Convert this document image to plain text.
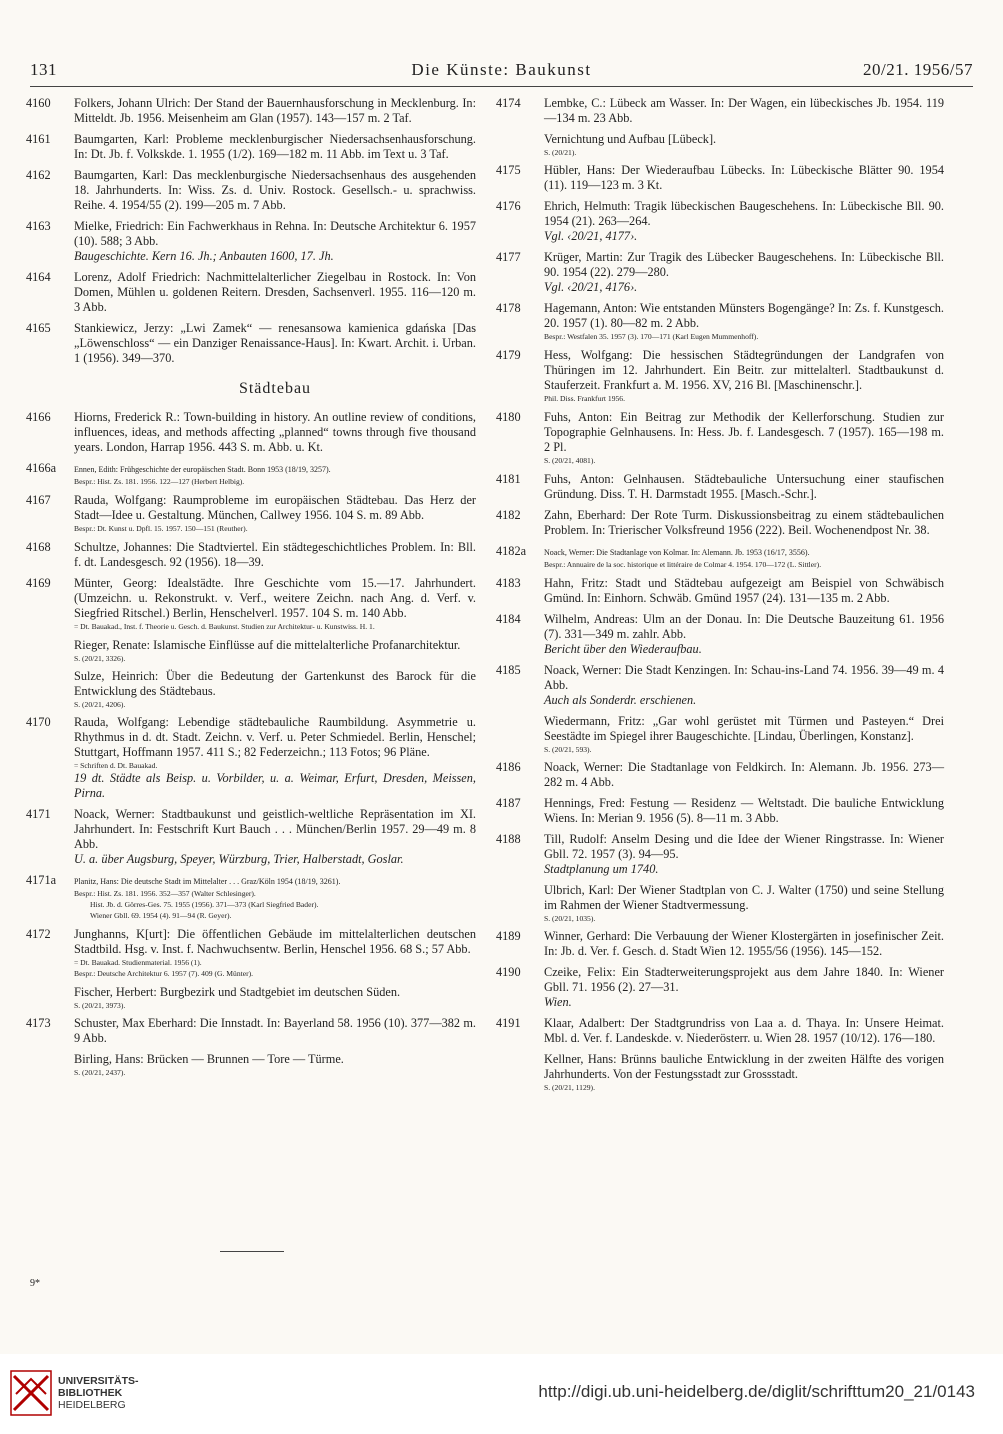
131	Die Künste: Baukunst	20/21. 1956/57
4160	Folkers, Johann Ulrich: Der Stand der Bauernhausforschung in Mecklenburg. In: Mitteldt. Jb. 1956. Meisenheim am Glan (1957). 143—157 m. 2 Taf.
4161	Baumgarten, Karl: Probleme mecklenburgischer Niedersachsenhausforschung. In: Dt. Jb. f. Volkskde. 1. 1955 (1/2). 169—182 m. 11 Abb. im Text u. 3 Taf.
4162	Baumgarten, Karl: Das mecklenburgische Niedersachsenhaus des ausgehenden 18. Jahrhunderts. In: Wiss. Zs. d. Univ. Rostock. Gesellsch.- u. sprachwiss. Reihe. 4. 1954/55 (2). 199—205 m. 7 Abb.
4163	Mielke, Friedrich: Ein Fachwerkhaus in Rehna. In: Deutsche Architektur 6. 1957 (10). 588; 3 Abb.
Baugeschichte. Kern 16. Jh.; Anbauten 1600, 17. Jh.
4164	Lorenz, Adolf Friedrich: Nachmittelalterlicher Ziegelbau in Rostock. In: Von Domen, Mühlen u. goldenen Reitern. Dresden, Sachsenverl. 1955. 116—120 m. 3 Abb.
4165	Stankiewicz, Jerzy: „Lwi Zamek“ — renesansowa kamienica gdańska [Das „Löwenschloss“ — ein Danziger Renaissance-Haus]. In: Kwart. Archit. i. Urban. 1 (1956). 349—370.
Städtebau
4166	Hiorns, Frederick R.: Town-building in history. An outline review of conditions, influences, ideas, and methods affecting „planned“ towns through five thousand years. London, Harrap 1956. 443 S. m. Abb. u. Kt.
4166a	Ennen, Edith: Frühgeschichte der europäischen Stadt. Bonn 1953 (18/19, 3257).
Bespr.: Hist. Zs. 181. 1956. 122—127 (Herbert Helbig).
4167	Rauda, Wolfgang: Raumprobleme im europäischen Städtebau. Das Herz der Stadt—Idee u. Gestaltung. München, Callwey 1956. 104 S. m. 89 Abb.
Bespr.: Dt. Kunst u. Dpfl. 15. 1957. 150—151 (Reuther).
4168	Schultze, Johannes: Die Stadtviertel. Ein städtegeschichtliches Problem. In: Bll. f. dt. Landesgesch. 92 (1956). 18—39.
4169	Münter, Georg: Idealstädte. Ihre Geschichte vom 15.—17. Jahrhundert. (Umzeichn. u. Rekonstrukt. v. Verf., weitere Zeichn. nach Ang. d. Verf. v. Siegfried Ritschel.) Berlin, Henschelverl. 1957. 104 S. m. 140 Abb.
= Dt. Bauakad., Inst. f. Theorie u. Gesch. d. Baukunst. Studien zur Architektur- u. Kunstwiss. H. 1.
Rieger, Renate: Islamische Einflüsse auf die mittelalterliche Profanarchitektur.
S. (20/21, 3326).
Sulze, Heinrich: Über die Bedeutung der Gartenkunst des Barock für die Entwicklung des Städtebaus.
S. (20/21, 4206).
4170	Rauda, Wolfgang: Lebendige städtebauliche Raumbildung. Asymmetrie u. Rhythmus in d. dt. Stadt. Zeichn. v. Verf. u. Peter Schmiedel. Berlin, Henschel; Stuttgart, Hoffmann 1957. 411 S.; 82 Federzeichn.; 113 Fotos; 96 Pläne.
= Schriften d. Dt. Bauakad.
19 dt. Städte als Beisp. u. Vorbilder, u. a. Weimar, Erfurt, Dresden, Meissen, Pirna.
4171	Noack, Werner: Stadtbaukunst und geistlich-weltliche Repräsentation im XI. Jahrhundert. In: Festschrift Kurt Bauch . . . München/Berlin 1957. 29—49 m. 8 Abb.
U. a. über Augsburg, Speyer, Würzburg, Trier, Halberstadt, Goslar.
4171a	Planitz, Hans: Die deutsche Stadt im Mittelalter . . . Graz/Köln 1954 (18/19, 3261).
Bespr.: Hist. Zs. 181. 1956. 352—357 (Walter Schlesinger).
Hist. Jb. d. Görres-Ges. 75. 1955 (1956). 371—373 (Karl Siegfried Bader).
Wiener Gbll. 69. 1954 (4). 91—94 (R. Geyer).
4172	Junghanns, K[urt]: Die öffentlichen Gebäude im mittelalterlichen deutschen Stadtbild. Hsg. v. Inst. f. Nachwuchsentw. Berlin, Henschel 1956. 68 S.; 57 Abb.
= Dt. Bauakad. Studienmaterial. 1956 (1).
Bespr.: Deutsche Architektur 6. 1957 (7). 409 (G. Münter).
Fischer, Herbert: Burgbezirk und Stadtgebiet im deutschen Süden.
S. (20/21, 3973).
4173	Schuster, Max Eberhard: Die Innstadt. In: Bayerland 58. 1956 (10). 377—382 m. 9 Abb.
Birling, Hans: Brücken — Brunnen — Tore — Türme.
S. (20/21, 2437).
4174	Lembke, C.: Lübeck am Wasser. In: Der Wagen, ein lübeckisches Jb. 1954. 119—134 m. 23 Abb.
Vernichtung und Aufbau [Lübeck].
S. (20/21).
4175	Hübler, Hans: Der Wiederaufbau Lübecks. In: Lübeckische Blätter 90. 1954 (11). 119—123 m. 3 Kt.
4176	Ehrich, Helmuth: Tragik lübeckischen Baugeschehens. In: Lübeckische Bll. 90. 1954 (21). 263—264.
Vgl. ‹20/21, 4177›.
4177	Krüger, Martin: Zur Tragik des Lübecker Baugeschehens. In: Lübeckische Bll. 90. 1954 (22). 279—280.
Vgl. ‹20/21, 4176›.
4178	Hagemann, Anton: Wie entstanden Münsters Bogengänge? In: Zs. f. Kunstgesch. 20. 1957 (1). 80—82 m. 2 Abb.
Bespr.: Westfalen 35. 1957 (3). 170—171 (Karl Eugen Mummenhoff).
4179	Hess, Wolfgang: Die hessischen Städtegründungen der Landgrafen von Thüringen im 12. Jahrhundert. Ein Beitr. zur mittelalterl. Stadtbaukunst d. Stauferzeit. Frankfurt a. M. 1956. XV, 216 Bl. [Maschinenschr.].
Phil. Diss. Frankfurt 1956.
4180	Fuhs, Anton: Ein Beitrag zur Methodik der Kellerforschung. Studien zur Topographie Gelnhausens. In: Hess. Jb. f. Landesgesch. 7 (1957). 165—198 m. 2 Pl.
S. (20/21, 4081).
4181	Fuhs, Anton: Gelnhausen. Städtebauliche Untersuchung einer staufischen Gründung. Diss. T. H. Darmstadt 1955. [Masch.-Schr.].
4182	Zahn, Eberhard: Der Rote Turm. Diskussionsbeitrag zu einem städtebaulichen Problem. In: Trierischer Volksfreund 1956 (222). Beil. Wochenendpost Nr. 38.
4182a	Noack, Werner: Die Stadtanlage von Kolmar. In: Alemann. Jb. 1953 (16/17, 3556).
Bespr.: Annuaire de la soc. historique et littéraire de Colmar 4. 1954. 170—172 (L. Sittler).
4183	Hahn, Fritz: Stadt und Städtebau aufgezeigt am Beispiel von Schwäbisch Gmünd. In: Einhorn. Schwäb. Gmünd 1957 (24). 131—135 m. 2 Abb.
4184	Wilhelm, Andreas: Ulm an der Donau. In: Die Deutsche Bauzeitung 61. 1956 (7). 331—349 m. zahlr. Abb.
Bericht über den Wiederaufbau.
4185	Noack, Werner: Die Stadt Kenzingen. In: Schau-ins-Land 74. 1956. 39—49 m. 4 Abb.
Auch als Sonderdr. erschienen.
Wiedermann, Fritz: „Gar wohl gerüstet mit Türmen und Pasteyen.“ Drei Seestädte im Spiegel ihrer Baugeschichte. [Lindau, Überlingen, Konstanz].
S. (20/21, 593).
4186	Noack, Werner: Die Stadtanlage von Feldkirch. In: Alemann. Jb. 1956. 273—282 m. 4 Abb.
4187	Hennings, Fred: Festung — Residenz — Weltstadt. Die bauliche Entwicklung Wiens. In: Merian 9. 1956 (5). 8—11 m. 3 Abb.
4188	Till, Rudolf: Anselm Desing und die Idee der Wiener Ringstrasse. In: Wiener Gbll. 72. 1957 (3). 94—95.
Stadtplanung um 1740.
Ulbrich, Karl: Der Wiener Stadtplan von C. J. Walter (1750) und seine Stellung im Rahmen der Wiener Stadtvermessung.
S. (20/21, 1035).
4189	Winner, Gerhard: Die Verbauung der Wiener Klostergärten in josefinischer Zeit. In: Jb. d. Ver. f. Gesch. d. Stadt Wien 12. 1955/56 (1956). 145—152.
4190	Czeike, Felix: Ein Stadterweiterungsprojekt aus dem Jahre 1840. In: Wiener Gbll. 71. 1956 (2). 27—31.
Wien.
4191	Klaar, Adalbert: Der Stadtgrundriss von Laa a. d. Thaya. In: Unsere Heimat. Mbl. d. Ver. f. Landeskde. v. Niederösterr. u. Wien 28. 1957 (10/12). 176—180.
Kellner, Hans: Brünns bauliche Entwicklung in der zweiten Hälfte des vorigen Jahrhunderts. Von der Festungsstadt zur Grossstadt.
S. (20/21, 1129).
9*
UNIVERSITÄTS-
BIBLIOTHEK
HEIDELBERG
http://digi.ub.uni-heidelberg.de/diglit/schrifttum20_21/0143
